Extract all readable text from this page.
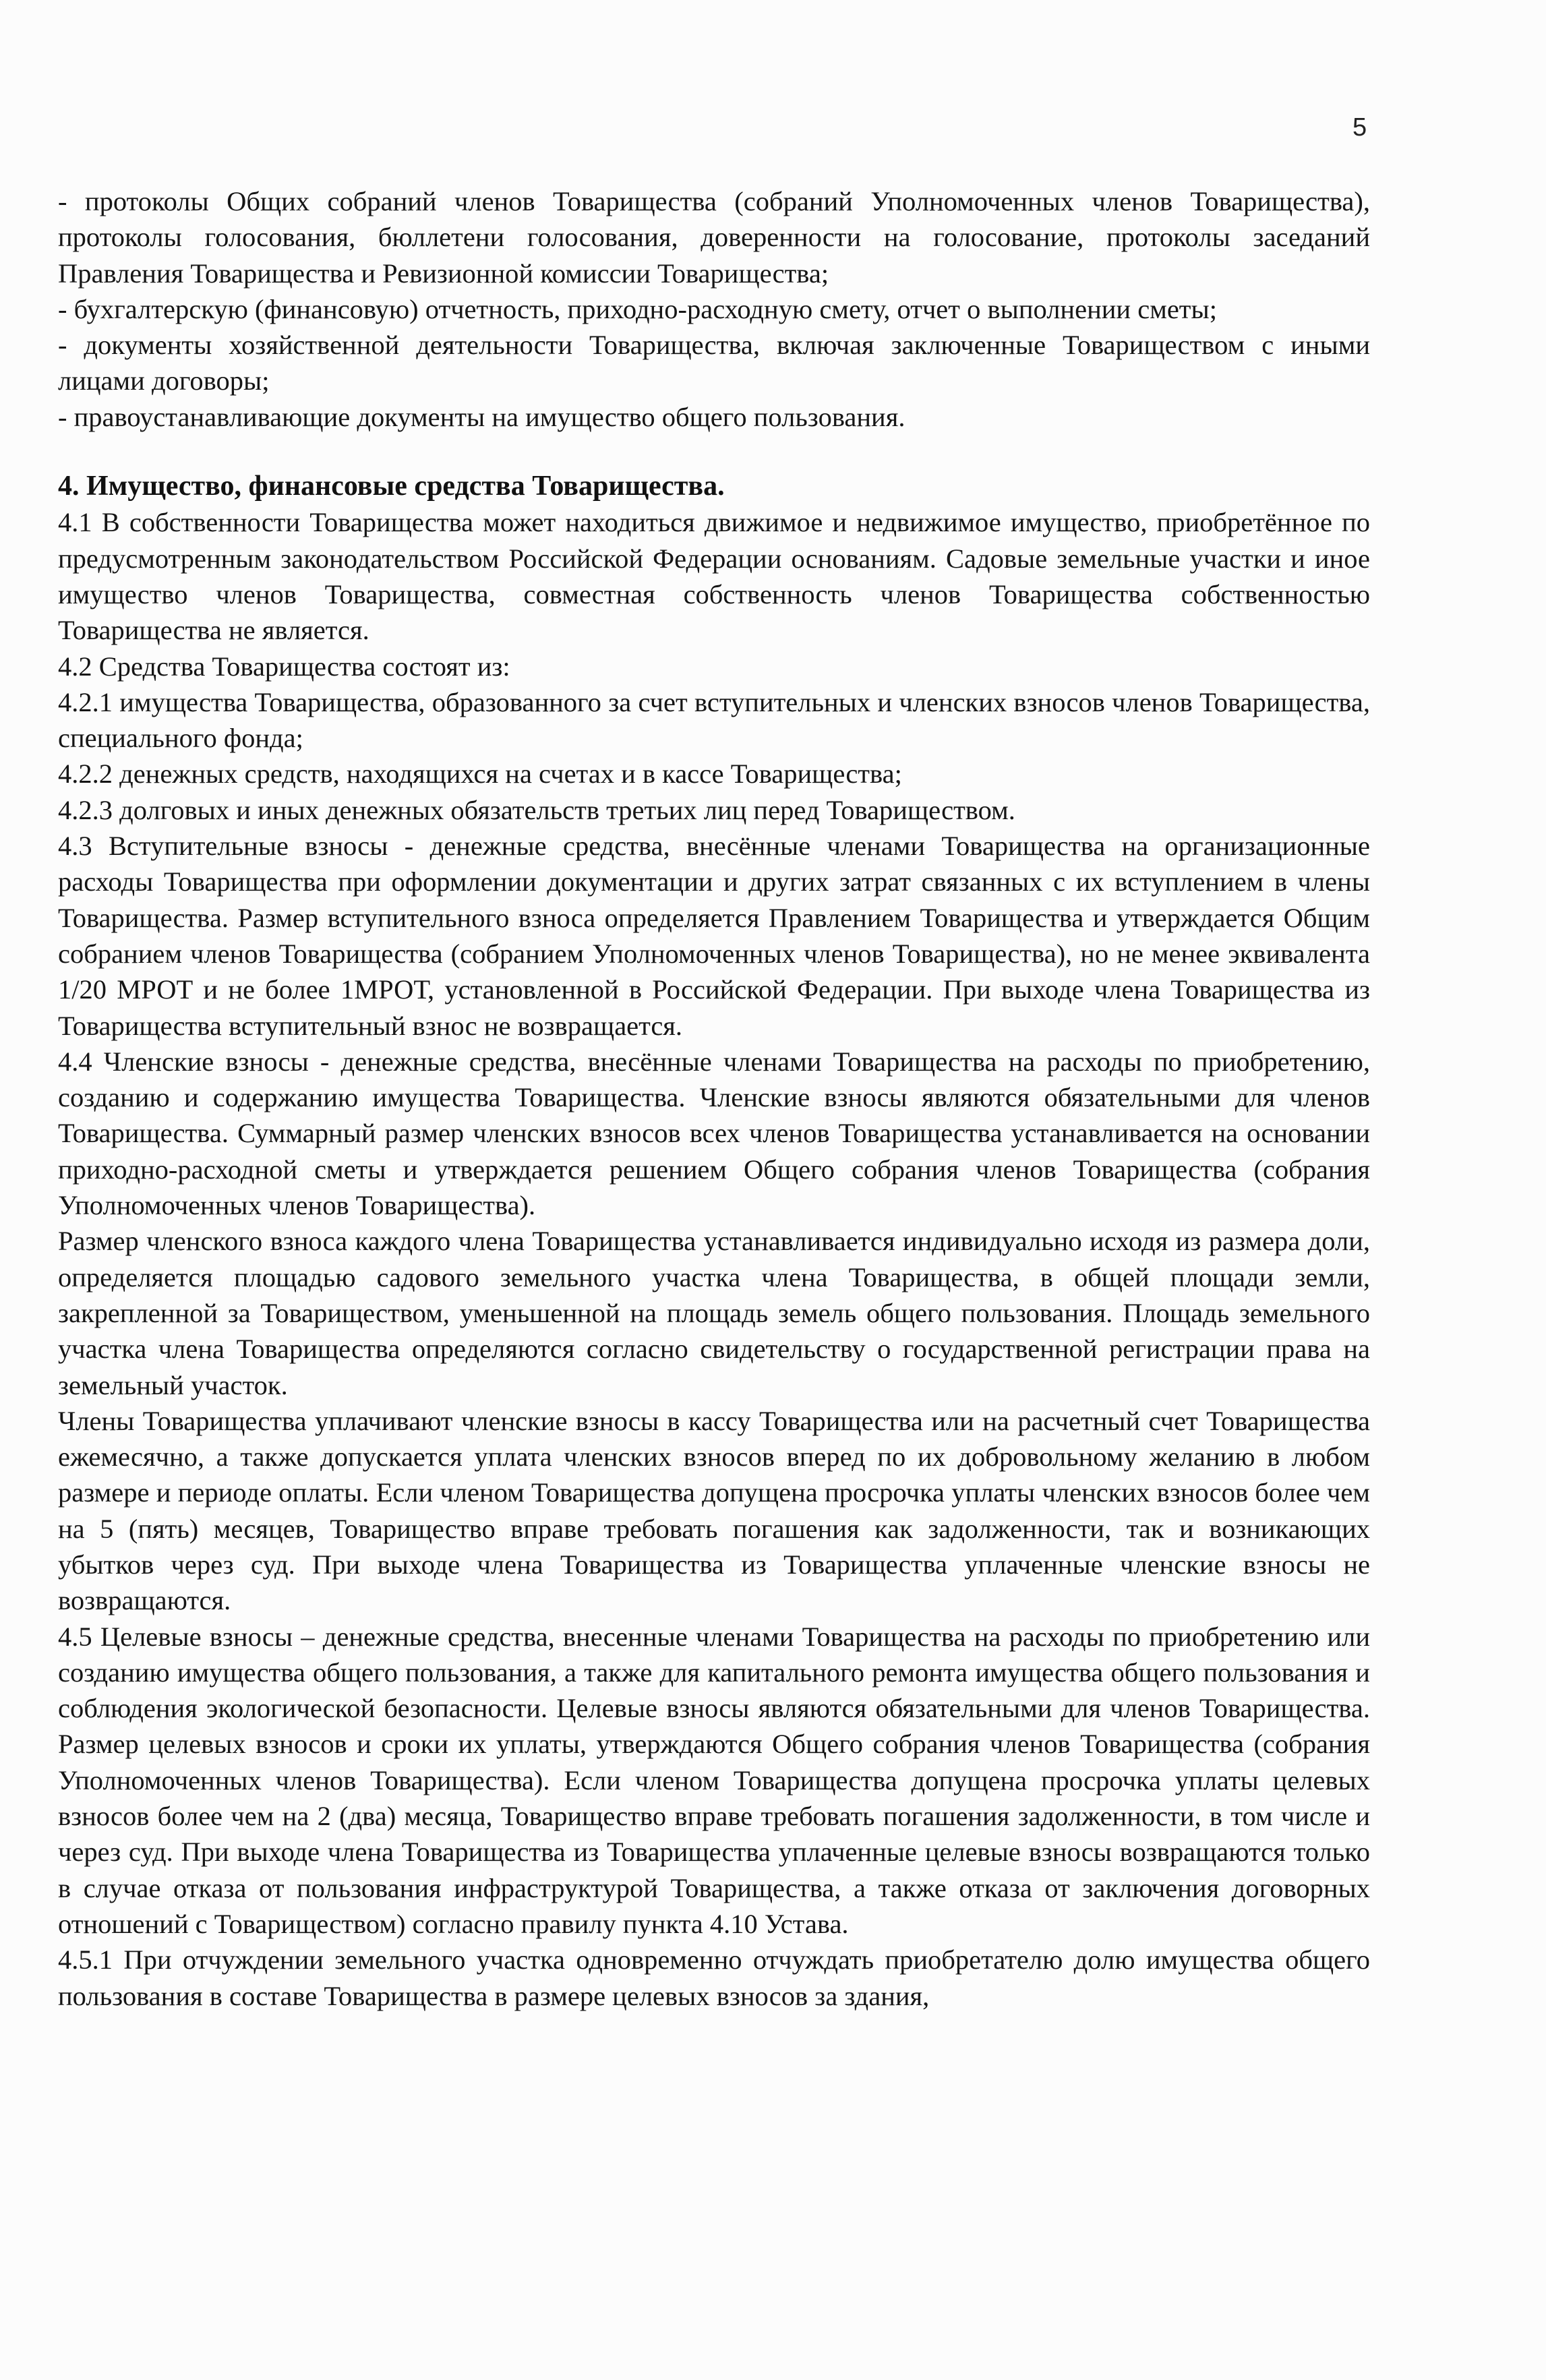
5

- протоколы Общих собраний членов Товарищества (собраний Уполномоченных членов Товарищества), протоколы голосования, бюллетени голосования, доверенности на голосование, протоколы заседаний Правления Товарищества и Ревизионной комиссии Товарищества;

- бухгалтерскую (финансовую) отчетность, приходно-расходную смету, отчет о выполнении сметы;

- документы хозяйственной деятельности Товарищества, включая заключенные Товариществом с иными лицами договоры;

- правоустанавливающие документы на имущество общего пользования.

4. Имущество, финансовые средства Товарищества.

4.1 В собственности Товарищества может находиться движимое и недвижимое имущество, приобретённое по предусмотренным законодательством Российской Федерации основаниям. Садовые земельные участки и иное имущество членов Товарищества, совместная собственность членов Товарищества собственностью Товарищества не является.

4.2 Средства Товарищества состоят из:

4.2.1 имущества Товарищества, образованного за счет вступительных и членских взносов членов Товарищества, специального фонда;

4.2.2 денежных средств, находящихся на счетах и в кассе Товарищества;

4.2.3 долговых и иных денежных обязательств третьих лиц перед Товариществом.

4.3 Вступительные взносы - денежные средства, внесённые членами Товарищества на организационные расходы Товарищества при оформлении документации и других затрат связанных с их вступлением в члены Товарищества. Размер вступительного взноса определяется Правлением Товарищества и утверждается Общим собранием членов Товарищества (собранием Уполномоченных членов Товарищества), но не менее эквивалента 1/20 МРОТ и не более 1МРОТ, установленной в Российской Федерации. При выходе члена Товарищества из Товарищества вступительный взнос не возвращается.

4.4 Членские взносы - денежные средства, внесённые членами Товарищества на расходы по приобретению, созданию и содержанию имущества Товарищества. Членские взносы являются обязательными для членов Товарищества. Суммарный размер членских взносов всех членов Товарищества устанавливается на основании приходно-расходной сметы и утверждается решением Общего собрания членов Товарищества (собрания Уполномоченных членов Товарищества).

Размер членского взноса каждого члена Товарищества устанавливается индивидуально исходя из размера доли, определяется площадью садового земельного участка члена Товарищества, в общей площади земли, закрепленной за Товариществом, уменьшенной на площадь земель общего пользования. Площадь земельного участка члена Товарищества определяются согласно свидетельству о государственной регистрации права на земельный участок.

Члены Товарищества уплачивают членские взносы в кассу Товарищества или на расчетный счет Товарищества ежемесячно, а также допускается уплата членских взносов вперед по их добровольному желанию в любом размере и периоде оплаты. Если членом Товарищества допущена просрочка уплаты членских взносов более чем на 5 (пять) месяцев, Товарищество вправе требовать погашения как задолженности, так и возникающих убытков через суд. При выходе члена Товарищества из Товарищества уплаченные членские взносы не возвращаются.

4.5 Целевые взносы – денежные средства, внесенные членами Товарищества на расходы по приобретению или созданию имущества общего пользования, а также для капитального ремонта имущества общего пользования и соблюдения экологической безопасности. Целевые взносы являются обязательными для членов Товарищества. Размер целевых взносов и сроки их уплаты, утверждаются Общего собрания членов Товарищества (собрания Уполномоченных членов Товарищества). Если членом Товарищества допущена просрочка уплаты целевых взносов более чем на 2 (два) месяца, Товарищество вправе требовать погашения задолженности, в том числе и через суд. При выходе члена Товарищества из Товарищества уплаченные целевые взносы возвращаются только в случае отказа от пользования инфраструктурой Товарищества, а также отказа от заключения договорных отношений с Товариществом) согласно правилу пункта 4.10 Устава.

4.5.1 При отчуждении земельного участка одновременно отчуждать приобретателю долю имущества общего пользования в составе Товарищества в размере целевых взносов за здания,
